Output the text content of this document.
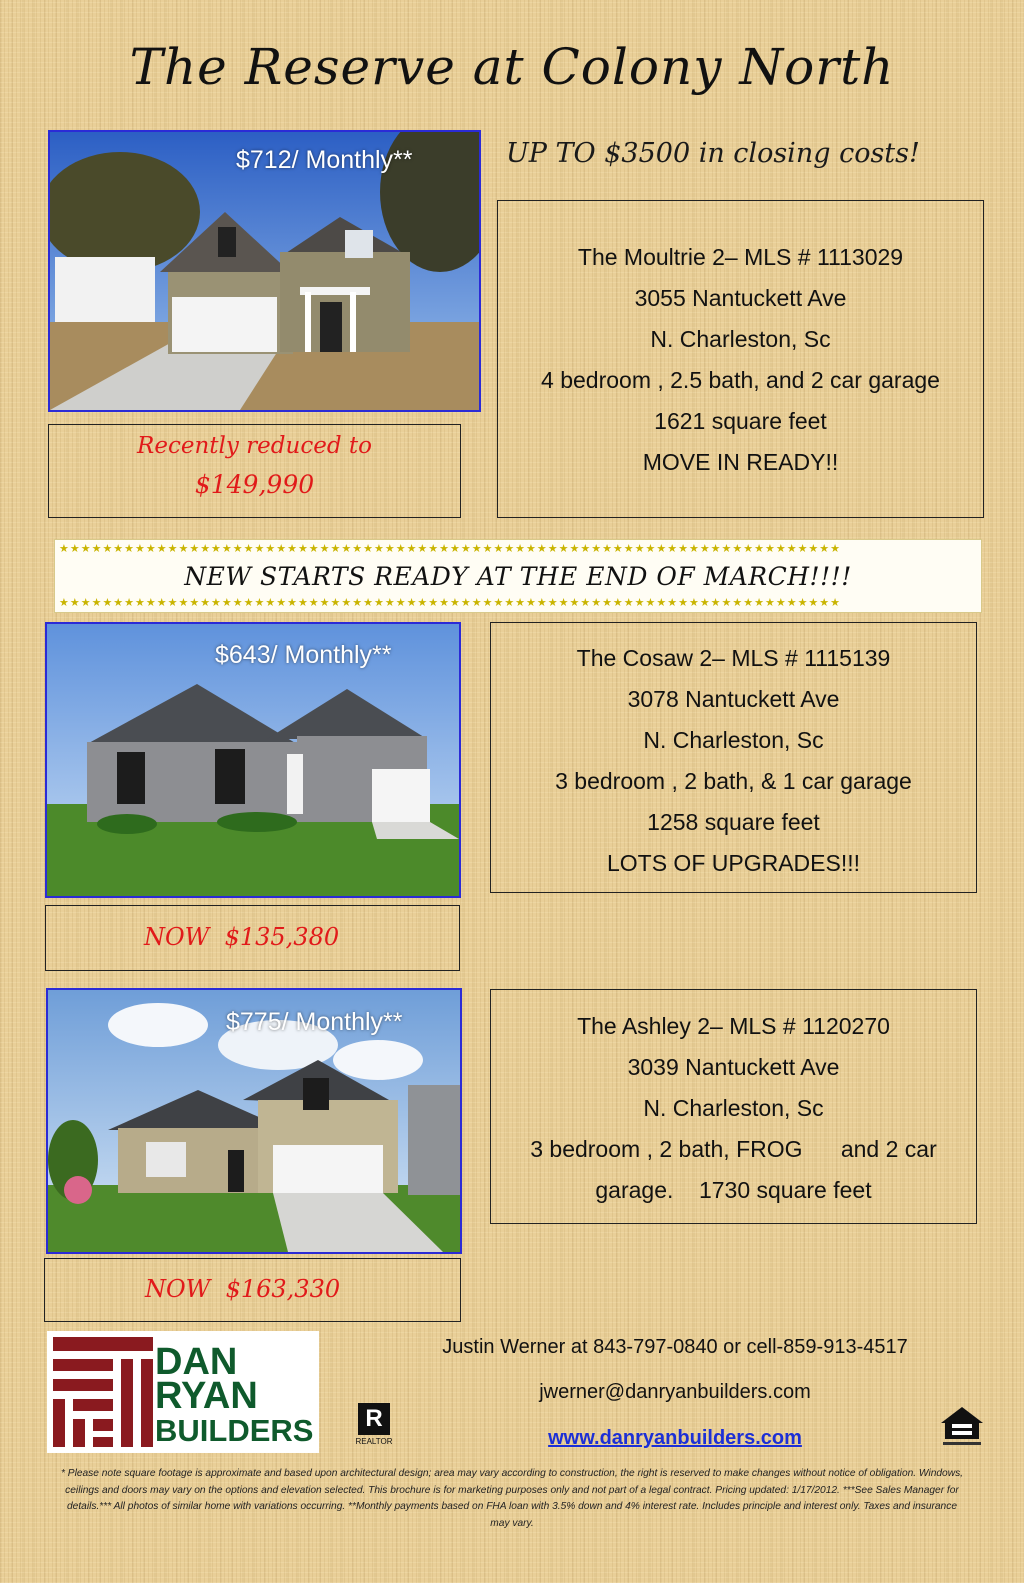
The Reserve at Colony North
UP TO $3500 in closing costs!
$712/ Monthly**
Recently reduced to
$149,990
The Moultrie 2– MLS # 1113029
3055 Nantuckett Ave
N. Charleston, Sc
4 bedroom , 2.5 bath, and 2 car garage
1621 square feet
MOVE IN READY!!
★★★★★★★★★★★★★★★★★★★★★★★★★★★★★★★★★★★★★★★★★★★★★★★★★★★★★★★★★★★★★★★★★★★★★★★★
NEW STARTS READY AT THE END OF MARCH!!!!
★★★★★★★★★★★★★★★★★★★★★★★★★★★★★★★★★★★★★★★★★★★★★★★★★★★★★★★★★★★★★★★★★★★★★★★★
$643/ Monthly**
NOW  $135,380
The Cosaw 2– MLS # 1115139
3078 Nantuckett Ave
N. Charleston, Sc
3 bedroom , 2 bath, & 1 car garage
1258 square feet
LOTS OF UPGRADES!!!
$775/ Monthly**
NOW  $163,330
The Ashley 2– MLS # 1120270
3039 Nantuckett Ave
N. Charleston, Sc
3 bedroom , 2 bath, FROG      and 2 car
garage.    1730 square feet
DAN
RYAN
BUILDERS	R
REALTOR
Justin Werner at 843-797-0840 or cell-859-913-4517
jwerner@danryanbuilders.com
www.danryanbuilders.com
* Please note square footage is approximate and based upon architectural design; area may vary according to construction, the right is reserved to make changes without notice of obligation. Windows, ceilings and doors may vary on the options and elevation selected. This brochure is for marketing purposes only and not part of a legal contract. Pricing updated: 1/17/2012. ***See Sales Manager for details.*** All photos of similar home with variations occurring. **Monthly payments based on FHA loan with 3.5% down and 4% interest rate. Includes principle and interest only. Taxes and insurance may vary.
